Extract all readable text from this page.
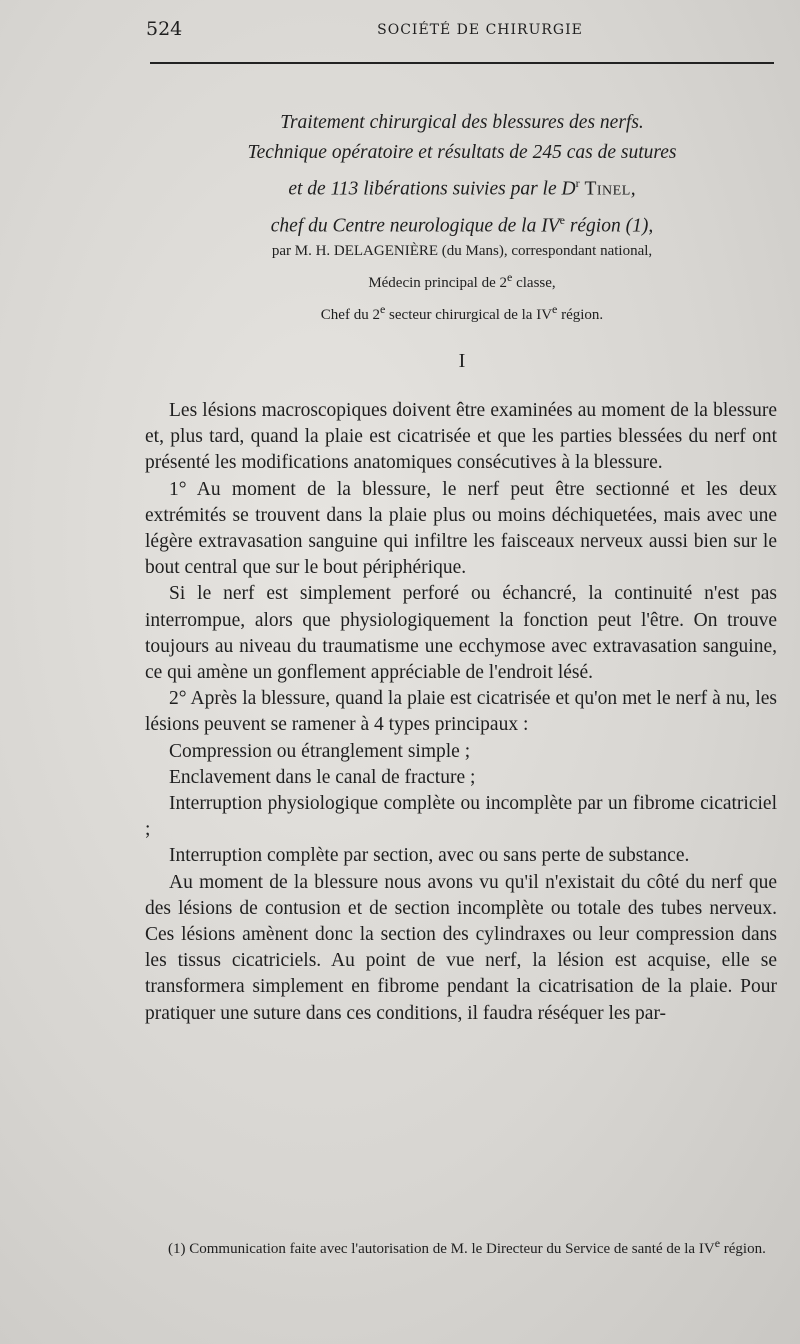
524	SOCIÉTÉ DE CHIRURGIE
Traitement chirurgical des blessures des nerfs.
Technique opératoire et résultats de 245 cas de sutures
et de 113 libérations suivies par le $D^r$ Tinel,
chef du Centre neurologique de la IVe région (1),
par M. H. DELAGENIÈRE (du Mans), correspondant national,
Médecin principal de 2e classe,
Chef du 2e secteur chirurgical de la IVe région.
I

Les lésions macroscopiques doivent être examinées au moment de la blessure et, plus tard, quand la plaie est cicatrisée et que les parties blessées du nerf ont présenté les modifications anatomiques consécutives à la blessure.

1° Au moment de la blessure, le nerf peut être sectionné et les deux extrémités se trouvent dans la plaie plus ou moins déchiquetées, mais avec une légère extravasation sanguine qui infiltre les faisceaux nerveux aussi bien sur le bout central que sur le bout périphérique.

Si le nerf est simplement perforé ou échancré, la continuité n'est pas interrompue, alors que physiologiquement la fonction peut l'être. On trouve toujours au niveau du traumatisme une ecchymose avec extravasation sanguine, ce qui amène un gonflement appréciable de l'endroit lésé.

2° Après la blessure, quand la plaie est cicatrisée et qu'on met le nerf à nu, les lésions peuvent se ramener à 4 types principaux :

Compression ou étranglement simple ;

Enclavement dans le canal de fracture ;

Interruption physiologique complète ou incomplète par un fibrome cicatriciel ;

Interruption complète par section, avec ou sans perte de substance.

Au moment de la blessure nous avons vu qu'il n'existait du côté du nerf que des lésions de contusion et de section incomplète ou totale des tubes nerveux. Ces lésions amènent donc la section des cylindraxes ou leur compression dans les tissus cicatriciels. Au point de vue nerf, la lésion est acquise, elle se transformera simplement en fibrome pendant la cicatrisation de la plaie. Pour pratiquer une suture dans ces conditions, il faudra réséquer les par-

(1) Communication faite avec l'autorisation de M. le Directeur du Service de santé de la IVe région.
